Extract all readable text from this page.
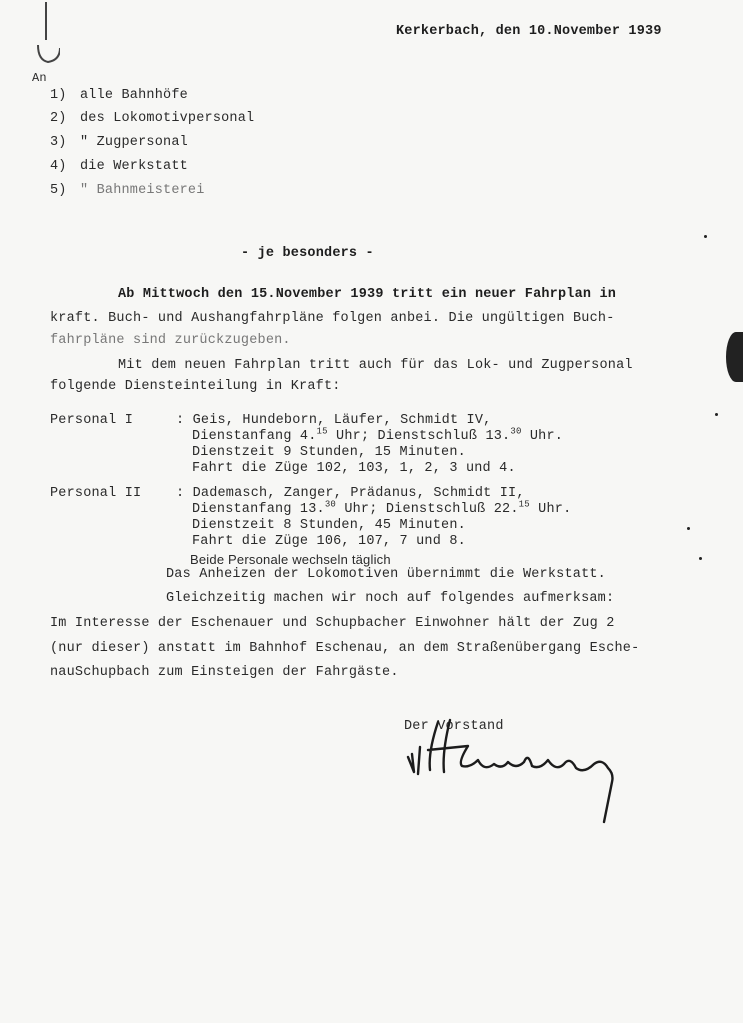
Kerkerbach, den 10.November 1939
An
1) alle Bahnhöfe
2) des Lokomotivpersonal
3) " Zugpersonal
4) die Werkstatt
5) " Bahnmeisterei
- je besonders -
Ab Mittwoch den 15.November 1939 tritt ein neuer Fahrplan in
kraft. Buch- und Aushangfahrpläne folgen anbei. Die ungültigen Buch-
fahrpläne sind zurückzugeben.
Mit dem neuen Fahrplan tritt auch für das Lok- und Zugpersonal
folgende Diensteinteilung in Kraft:
Personal I	: Geis, Hundeborn, Läufer, Schmidt IV,
Dienstanfang 4.15 Uhr; Dienstschluß 13.30 Uhr.
Dienstzeit 9 Stunden, 15 Minuten.
Fahrt die Züge 102, 103, 1, 2, 3 und 4.
Personal II	: Dademasch, Zanger, Prädanus, Schmidt II,
Dienstanfang 13.30 Uhr; Dienstschluß 22.15 Uhr.
Dienstzeit 8 Stunden, 45 Minuten.
Fahrt die Züge 106, 107, 7 und 8.
Beide Personale wechseln täglich
Das Anheizen der Lokomotiven übernimmt die Werkstatt.
Gleichzeitig machen wir noch auf folgendes aufmerksam:
Im Interesse der Eschenauer und Schupbacher Einwohner hält der Zug 2
(nur dieser) anstatt im Bahnhof Eschenau, an dem Straßenübergang Esche-
nauSchupbach zum Einsteigen der Fahrgäste.
Der Vorstand
